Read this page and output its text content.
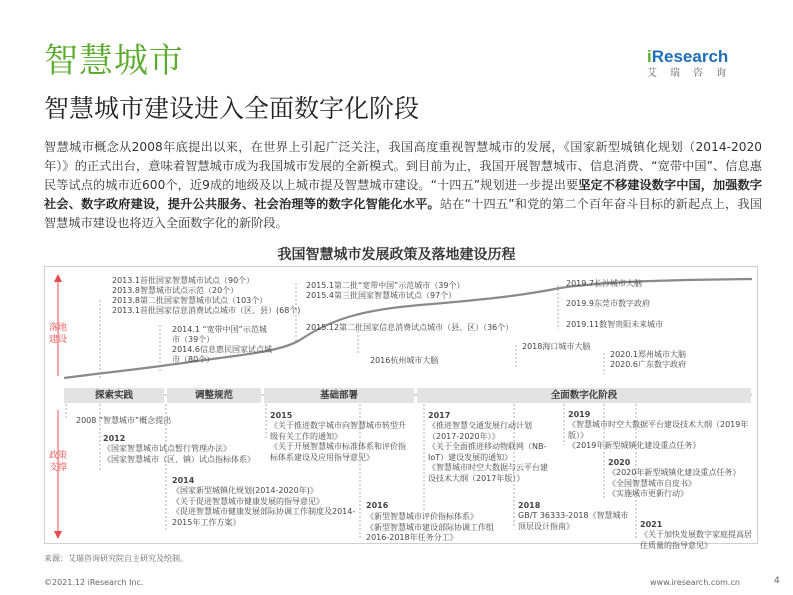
智慧城市
智慧城市建设进入全面数字化阶段
iResearch
艾瑞咨询
智慧城市概念从2008年底提出以来，在世界上引起广泛关注，我国高度重视智慧城市的发展，《国家新型城镇化规划（2014-2020年）》的正式出台，意味着智慧城市成为我国城市发展的全新模式。到目前为止，我国开展智慧城市、信息消费、“宽带中国”、信息惠民等试点的城市近600个，近9成的地级及以上城市提及智慧城市建设。“十四五”规划进一步提出要坚定不移建设数字中国，加强数字社会、数字政府建设，提升公共服务、社会治理等的数字化智能化水平。站在“十四五”和党的第二个百年奋斗目标的新起点上，我国智慧城市建设也将迈入全面数字化的新阶段。
我国智慧城市发展政策及落地建设历程
落地建设
政策支撑
2013.1首批国家智慧城市试点（90个）
2013.8智慧城市试点示范（20个）
2013.8第二批国家智慧城市试点（103个）
2013.1首批国家信息消费试点城市（区、县）(68个)
2014.1 “宽带中国”示范城
市（39个）
2014.6信息惠民国家试点城
市（80个）
2015.1第二批“宽带中国”示范城市（39个）
2015.4第三批国家智慧城市试点（97个）
2015.12第二批国家信息消费试点城市（县、区）（36个）
2016杭州城市大脑
2018海口城市大脑
2019.7长沙城市大脑
2019.9东莞市数字政府
2019.11数智贵阳未来城市
2020.1郑州城市大脑
2020.6广东数字政府
探索实践	调整规范	基础部署	全面数字化阶段
2008 “智慧城市”概念提出
2012
《国家智慧城市试点暂行管理办法》
《国家智慧城市（区、镇）试点指标体系》
2014
《国家新型城镇化规划(2014-2020年)》
《关于促进智慧城市健康发展的指导意见》
《促进智慧城市健康发展部际协调工作制度及2014-2015年工作方案》
2015
《关于推进数字城市向智慧城市转型升级有关工作的通知》
《关于开展智慧城市标准体系和评价指标体系建设及应用指导意见》
2016
《新型智慧城市评价指标体系》
《新型智慧城市建设部际协调工作组2016-2018年任务分工》
2017
《推进智慧交通发展行动计划（2017-2020年）》
《关于全面推进移动物联网（NB-IoT）建设发展的通知》
《智慧城市时空大数据与云平台建设技术大纲（2017年版）》
2018
GB/T 36333-2018《智慧城市顶层设计指南》
2019
《智慧城市时空大数据平台建设技术大纲（2019年版）》
《2019年新型城镇化建设重点任务》
2020
《2020年新型城镇化建设重点任务》
《全国智慧城市自皮书》
《实施城市更新行动》
2021
《关于加快发展数字家庭提高居住质量的指导意见》
来源：艾瑞咨询研究院自主研究及绘制。
©2021.12 iResearch Inc.	www.iresearch.com.cn	4
